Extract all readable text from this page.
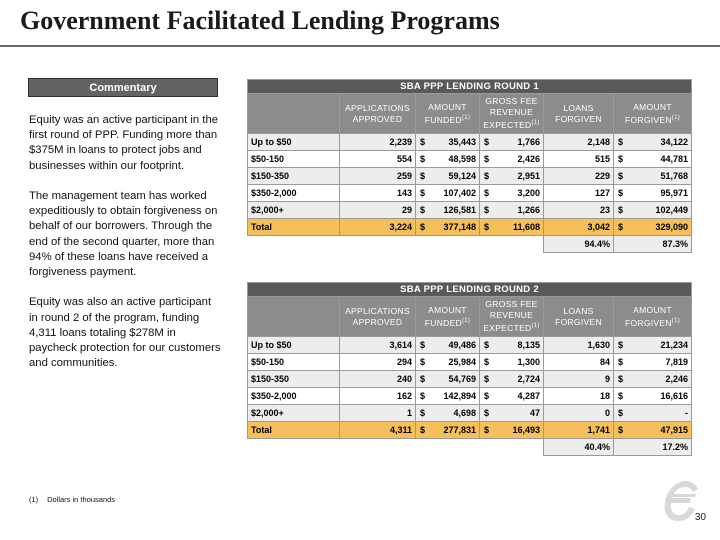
Government Facilitated Lending Programs
Commentary

Equity was an active participant in the first round of PPP. Funding more than $375M in loans to protect jobs and businesses within our footprint.

The management team has worked expeditiously to obtain forgiveness on behalf of our borrowers. Through the end of the second quarter, more than 94% of these loans have received a forgiveness payment.

Equity was also an active participant in round 2 of the program, funding 4,311 loans totaling $278M in paycheck protection for our customers and communities.

SBA PPP LENDING ROUND 1								
	APPLICATIONS APPROVED	AMOUNT FUNDED$^{(1)}$		GROSS FEE REVENUE EXPECTED$^{(1)}$		LOANS FORGIVEN	AMOUNT FORGIVEN$^{(1)}$
Up to $50	2,239	$	35,443	$	1,766	2,148	$	34,122
$50-150	554	$	48,598	$	2,426	515	$	44,781
$150-350	259	$	59,124	$	2,951	229	$	51,768
$350-2,000	143	$	107,402	$	3,200	127	$	95,971
$2,000+	29	$	126,581	$	1,266	23	$	102,449
Total	3,224	$	377,148	$	11,608	3,042	$	329,090
						94.4%	87.3%	
SBA PPP LENDING ROUND 2								
	APPLICATIONS APPROVED	AMOUNT FUNDED$^{(1)}$		GROSS FEE REVENUE EXPECTED$^{(1)}$		LOANS FORGIVEN	AMOUNT FORGIVEN$^{(1)}$
Up to $50	3,614	$	49,486	$	8,135	1,630	$	21,234
$50-150	294	$	25,984	$	1,300	84	$	7,819
$150-350	240	$	54,769	$	2,724	9	$	2,246
$350-2,000	162	$	142,894	$	4,287	18	$	16,616
$2,000+	1	$	4,698	$	47	0	$	-
Total	4,311	$	277,831	$	16,493	1,741	$	47,915
						40.4%	17.2%	
(1) Dollars in thousands
30
